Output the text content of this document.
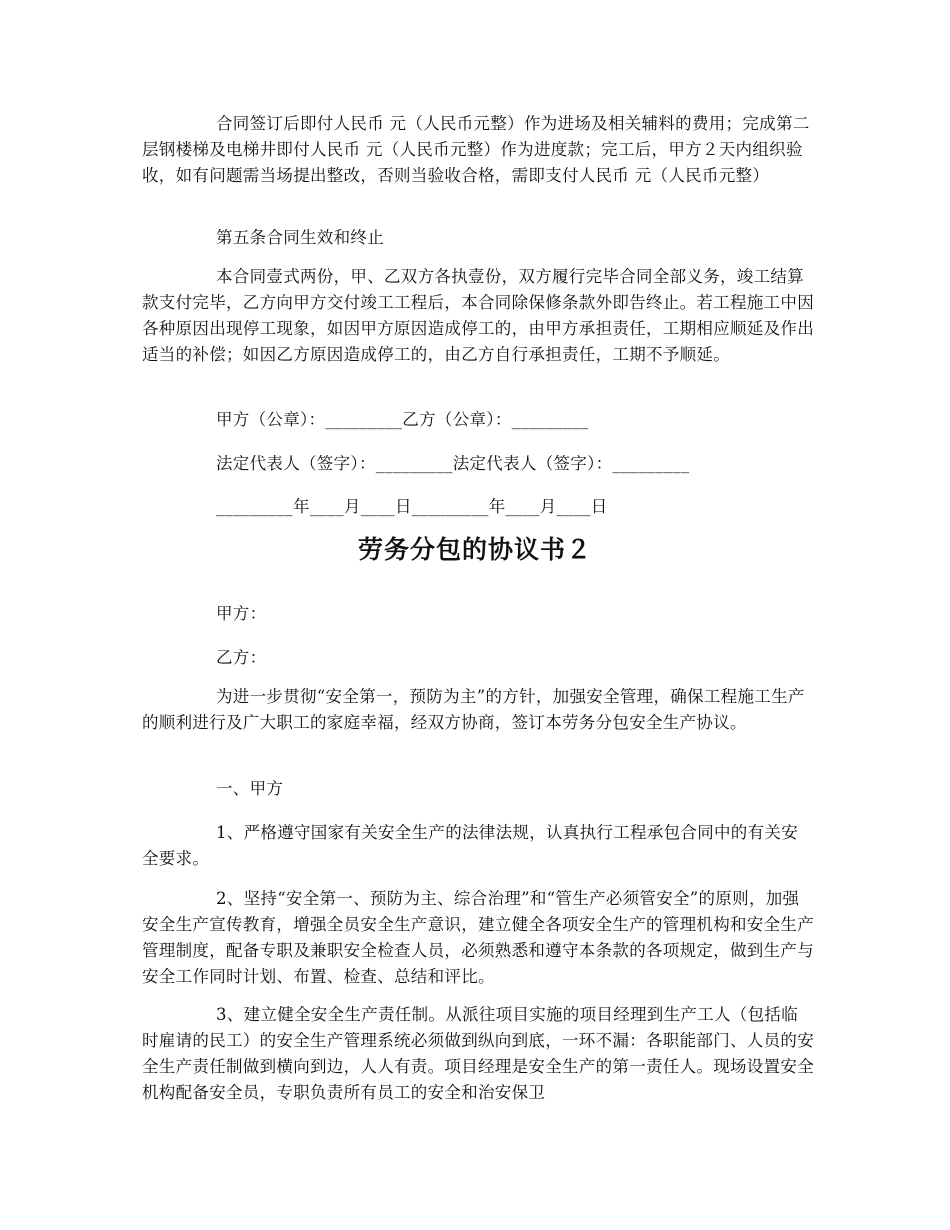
合同签订后即付人民币 元（人民币元整）作为进场及相关辅料的费用；完成第二层钢楼梯及电梯井即付人民币 元（人民币元整）作为进度款；完工后，甲方２天内组织验收，如有问题需当场提出整改，否则当验收合格，需即支付人民币 元（人民币元整）

第五条合同生效和终止

本合同壹式两份，甲、乙双方各执壹份，双方履行完毕合同全部义务，竣工结算款支付完毕，乙方向甲方交付竣工工程后，本合同除保修条款外即告终止。若工程施工中因各种原因出现停工现象，如因甲方原因造成停工的，由甲方承担责任，工期相应顺延及作出适当的补偿；如因乙方原因造成停工的，由乙方自行承担责任，工期不予顺延。

甲方（公章）：_________乙方（公章）：_________

法定代表人（签字）：_________法定代表人（签字）：_________

_________年____月____日_________年____月____日

劳务分包的协议书２

甲方：

乙方：

为进一步贯彻“安全第一，预防为主”的方针，加强安全管理，确保工程施工生产的顺利进行及广大职工的家庭幸福，经双方协商，签订本劳务分包安全生产协议。

一、甲方

1、严格遵守国家有关安全生产的法律法规，认真执行工程承包合同中的有关安全要求。

2、坚持“安全第一、预防为主、综合治理”和“管生产必须管安全”的原则，加强安全生产宣传教育，增强全员安全生产意识，建立健全各项安全生产的管理机构和安全生产管理制度，配备专职及兼职安全检查人员，必须熟悉和遵守本条款的各项规定，做到生产与安全工作同时计划、布置、检查、总结和评比。

3、建立健全安全生产责任制。从派往项目实施的项目经理到生产工人（包括临时雇请的民工）的安全生产管理系统必须做到纵向到底，一环不漏：各职能部门、人员的安全生产责任制做到横向到边，人人有责。项目经理是安全生产的第一责任人。现场设置安全机构配备安全员，专职负责所有员工的安全和治安保卫
